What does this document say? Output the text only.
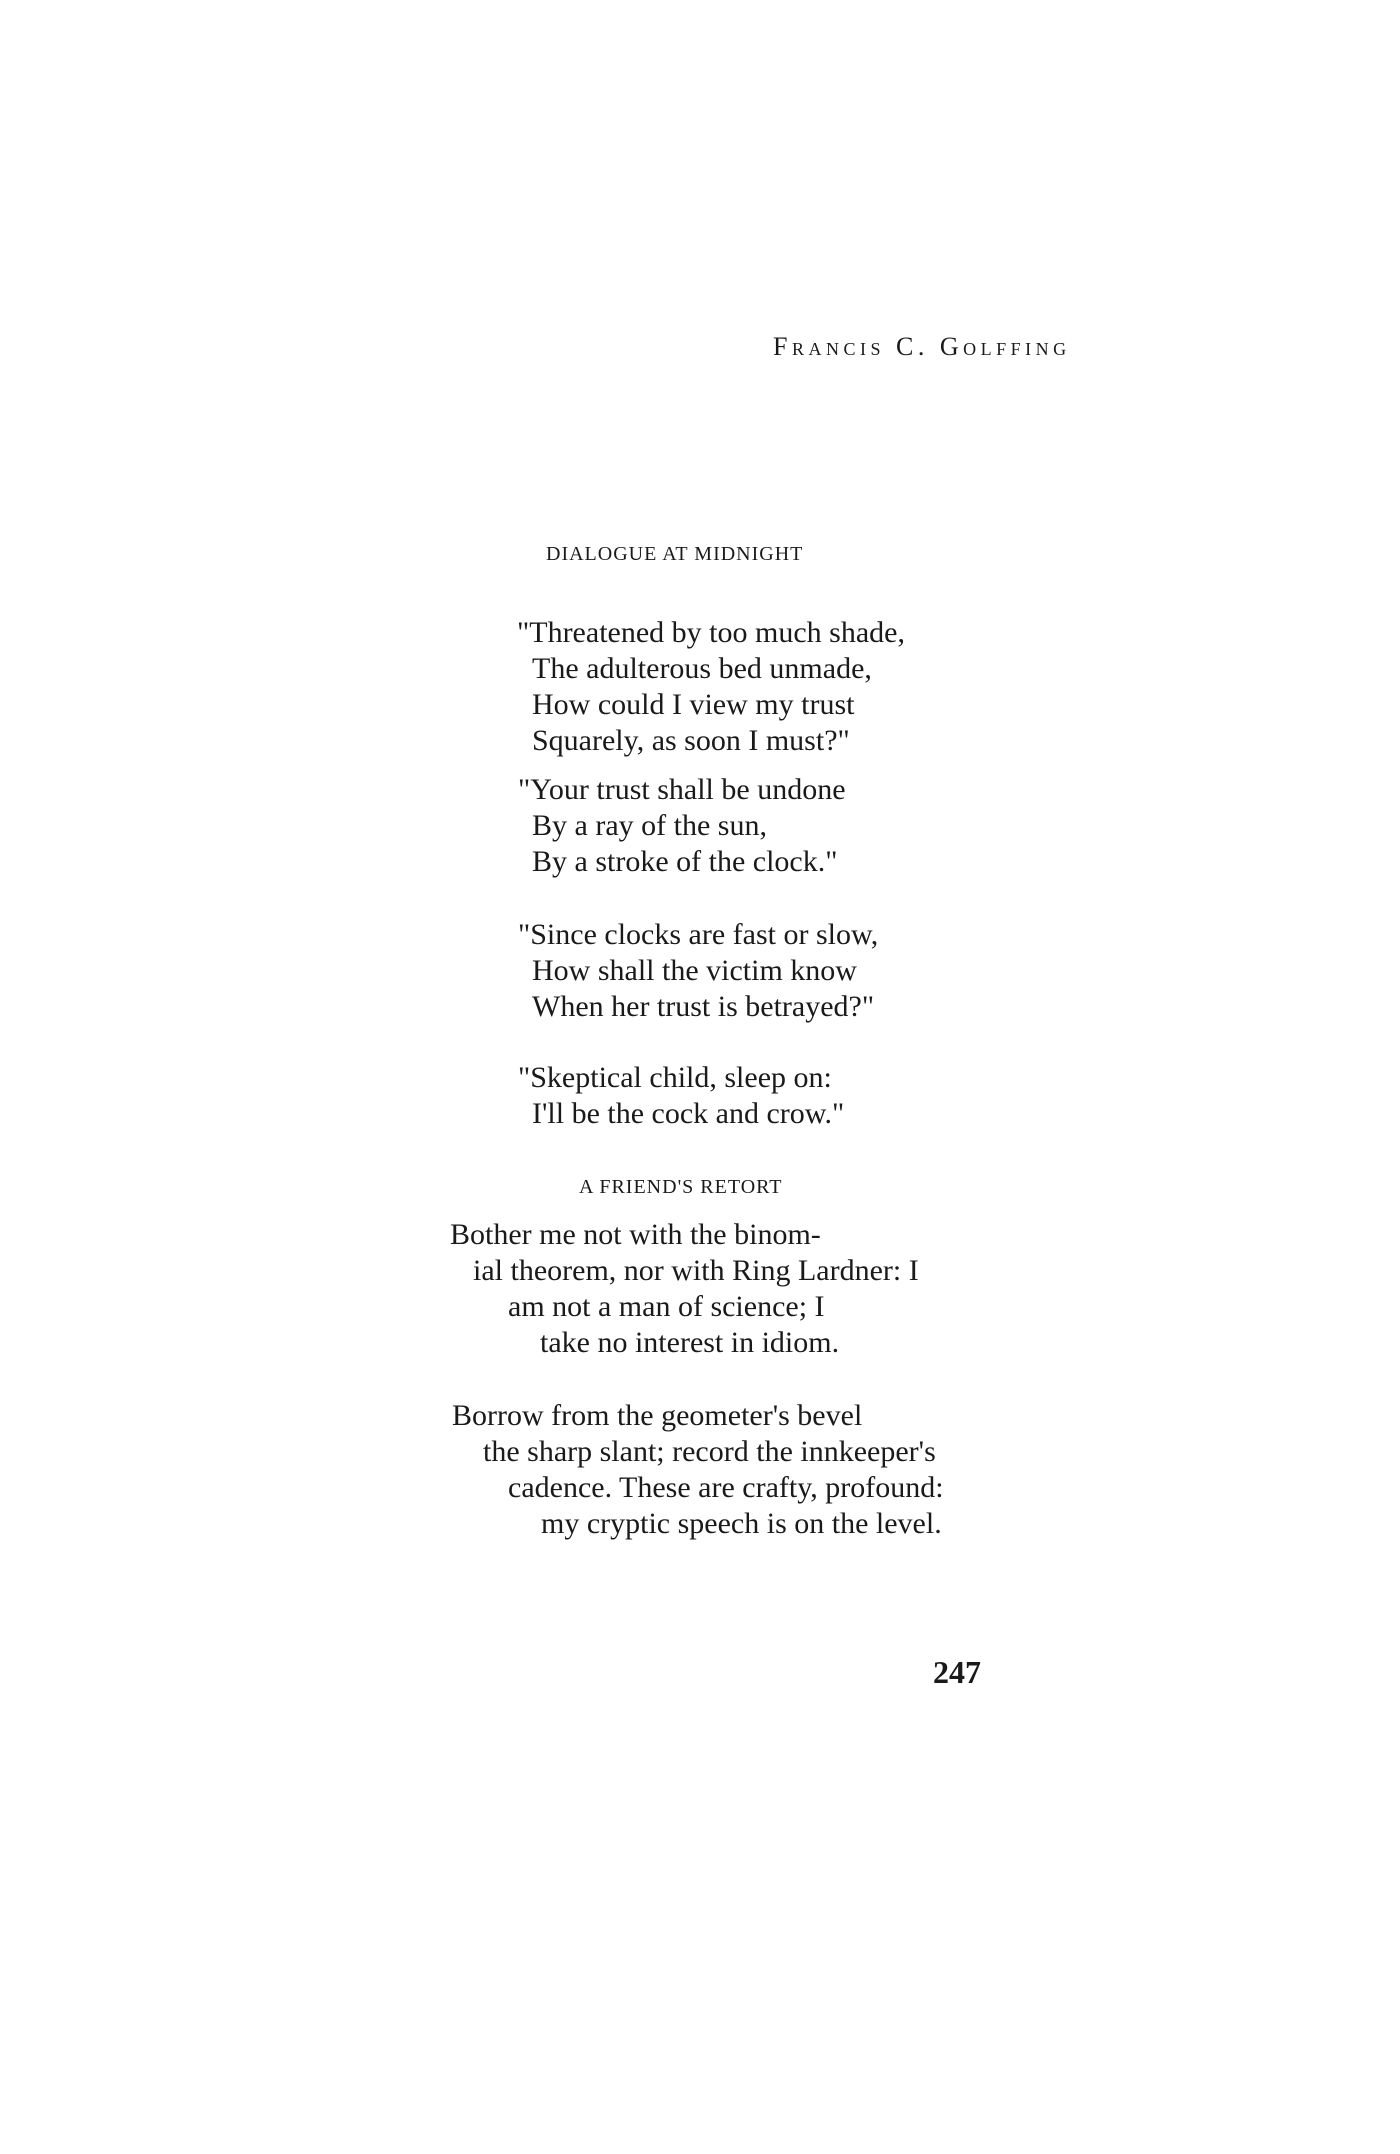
Francis C. Golffing
DIALOGUE AT MIDNIGHT
"Threatened by too much shade,
The adulterous bed unmade,
How could I view my trust
Squarely, as soon I must?"
"Your trust shall be undone
By a ray of the sun,
By a stroke of the clock."
"Since clocks are fast or slow,
How shall the victim know
When her trust is betrayed?"
"Skeptical child, sleep on:
I'll be the cock and crow."
A FRIEND'S RETORT
Bother me not with the binom-
ial theorem, nor with Ring Lardner: I
am not a man of science; I
take no interest in idiom.
Borrow from the geometer's bevel
the sharp slant; record the innkeeper's
cadence. These are crafty, profound:
my cryptic speech is on the level.
247
